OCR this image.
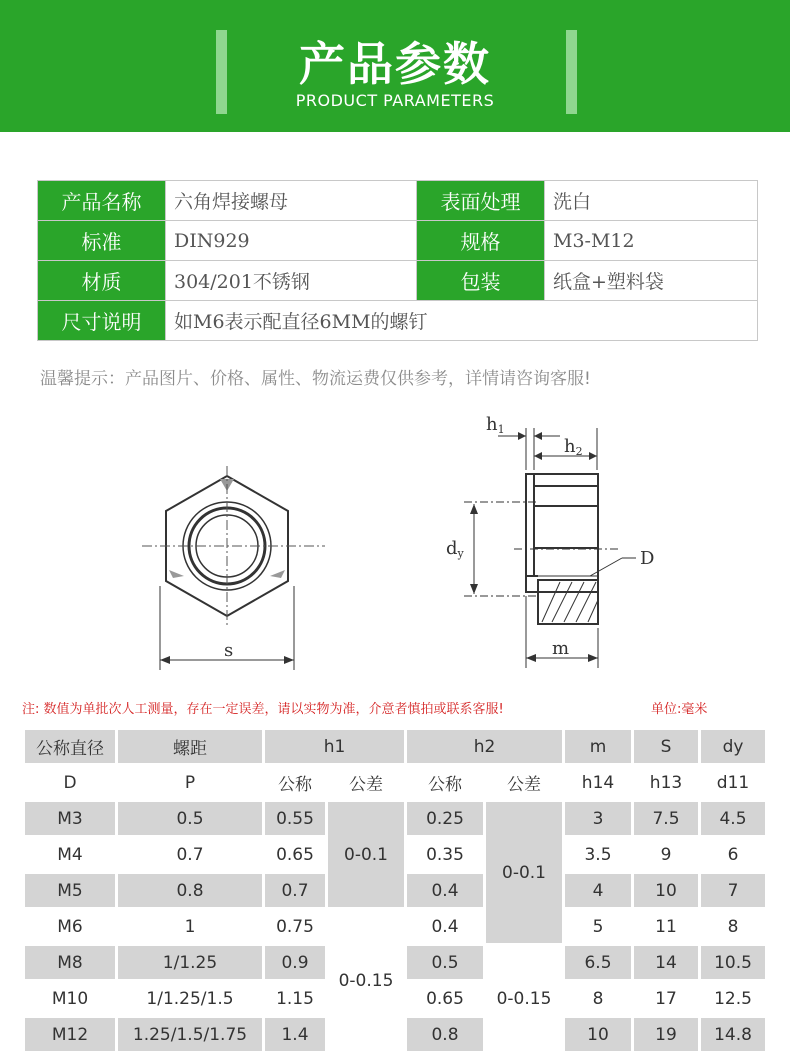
产品参数
PRODUCT PARAMETERS
产品名称	六角焊接螺母	表面处理	洗白
标准	DIN929	规格	M3-M12
材质	304/201不锈钢	包装	纸盒+塑料袋
尺寸说明	如M6表示配直径6MM的螺钉		
温馨提示：产品图片、价格、属性、物流运费仅供参考，详情请咨询客服!
s
h1
h2
dy	D
m
注: 数值为单批次人工测量，存在一定误差，请以实物为准，介意者慎拍或联系客服!	单位:毫米
公称直径	螺距	h1		h2		m	S	dy
D	P	公称	公差	公称	公差	h14	h13	d11
M3	0.5	0.55	0-0.1	0.25	0-0.1	3	7.5	4.5
M4	0.7	0.65		0.35		3.5	9	6
M5	0.8	0.7		0.4		4	10	7
M6	1	0.75	0-0.15	0.4		5	11	8
M8	1/1.25	0.9		0.5	0-0.15	6.5	14	10.5
M10	1/1.25/1.5	1.15		0.65		8	17	12.5
M12	1.25/1.5/1.75	1.4		0.8		10	19	14.8
